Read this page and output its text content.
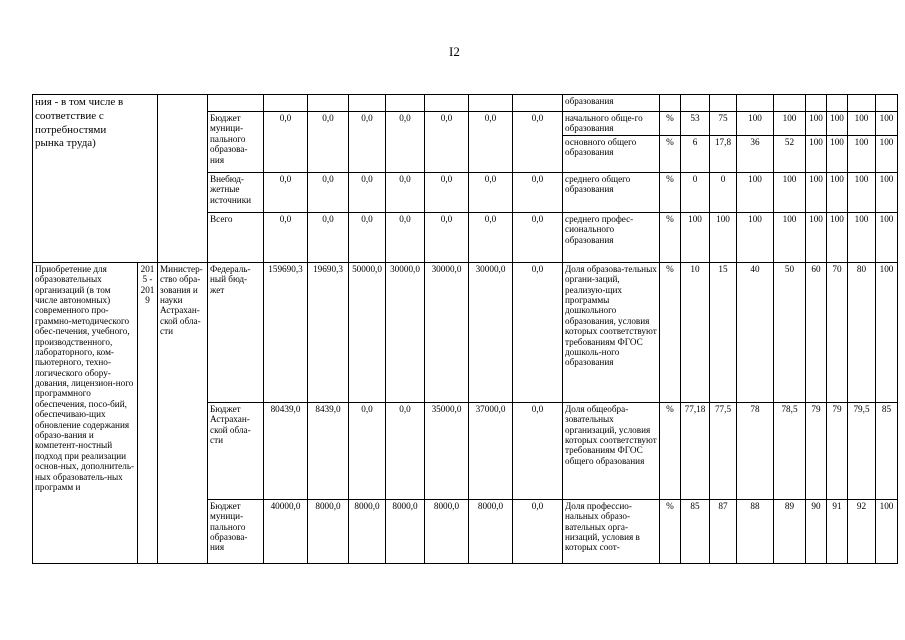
I2
ния - в том числе в соответствие с потребностями рынка труда)											образования									
			Бюджет муници-пального образова-ния	0,0	0,0	0,0	0,0	0,0	0,0	0,0	начального обще-го образования	%	53	75	100	100	100	100	100	100
											основного общего образования	%	6	17,8	36	52	100	100	100	100
			Внебюд-жетные источники	0,0	0,0	0,0	0,0	0,0	0,0	0,0	среднего общего образования	%	0	0	100	100	100	100	100	100
			Всего	0,0	0,0	0,0	0,0	0,0	0,0	0,0	среднего профес-сионального образования	%	100	100	100	100	100	100	100	100
Приобретение для образовательных организаций (в том числе автономных) современного про-граммно-методического обес-печения, учебного, производственного, лабораторного, ком-пьютерного, техно-логического обору-дования, лицензион-ного программного обеспечения, посо-бий, обеспечиваю-щих обновление содержания образо-вания и компетент-ностный подход при реализации основ-ных, дополнитель-ных образователь-ных программ и	2015 - 2019	Министер-ство обра-зования и науки Астрахан-ской обла-сти	Федераль-ный бюд-жет	159690,3	19690,3	50000,0	30000,0	30000,0	30000,0	0,0	Доля образова-тельных органи-заций, реализую-щих программы дошкольного образования, условия которых соответствуют требованиям ФГОС дошколь-ного образования	%	10	15	40	50	60	70	80	100
			Бюджет Астрахан-ской обла-сти	80439,0	8439,0	0,0	0,0	35000,0	37000,0	0,0	Доля общеобра-зовательных организаций, условия которых соответствуют требованиям ФГОС общего образования	%	77,18	77,5	78	78,5	79	79	79,5	85
			Бюджет муници-пального образова-ния	40000,0	8000,0	8000,0	8000,0	8000,0	8000,0	0,0	Доля профессио-нальных образо-вательных орга-низаций, условия в которых соот-	%	85	87	88	89	90	91	92	100
